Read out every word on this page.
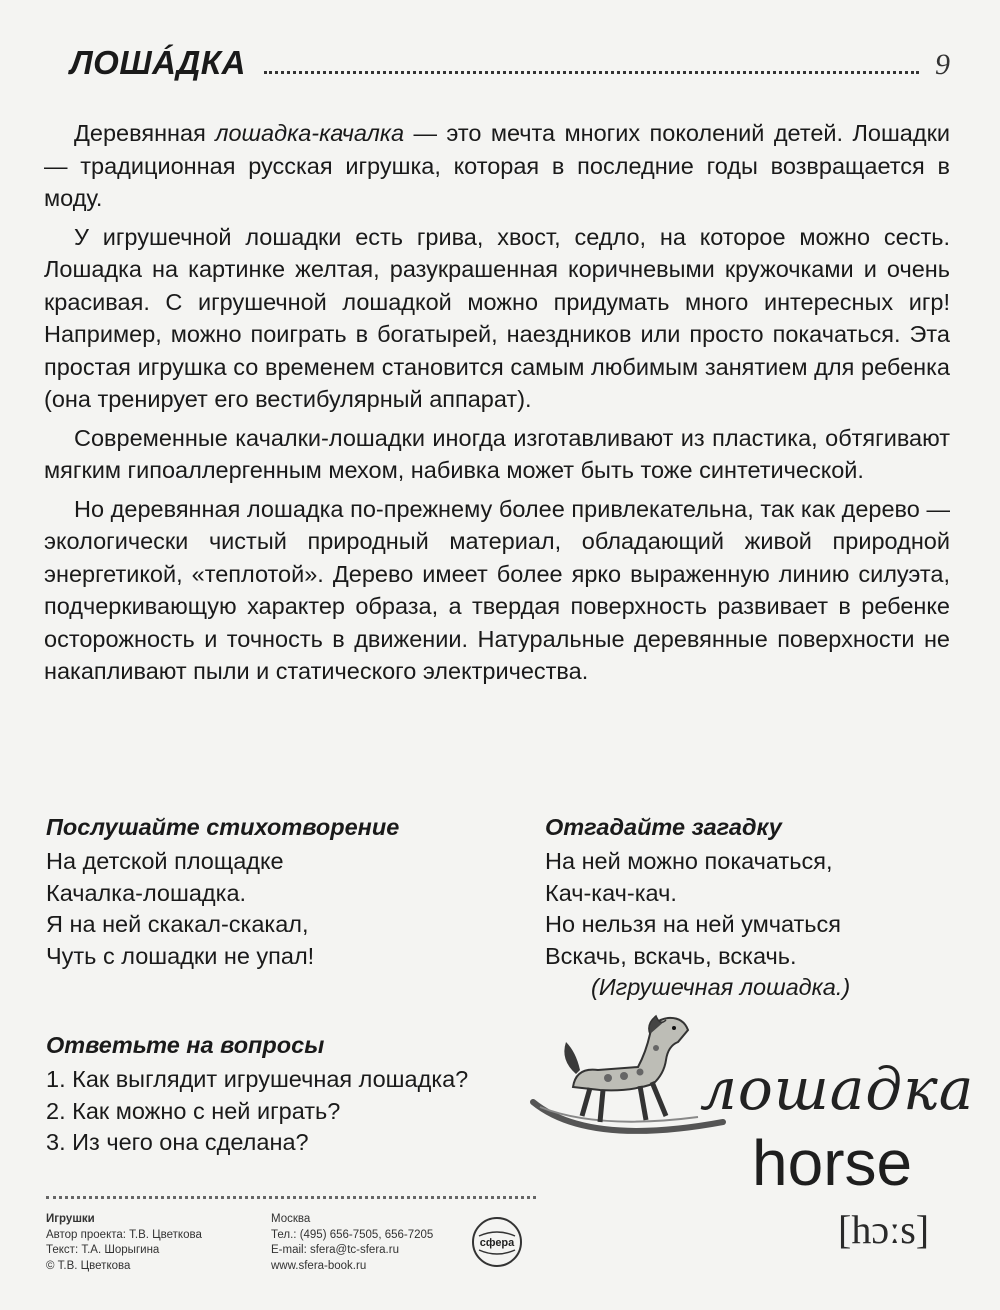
ЛОШÁДКА	9

Деревянная лошадка-качалка — это мечта многих поколений детей. Лошадки — традиционная русская игрушка, которая в последние годы возвращается в моду.

У игрушечной лошадки есть грива, хвост, седло, на которое можно сесть. Лошадка на картинке желтая, разукрашенная коричневыми кружочками и очень красивая. С игрушечной лошадкой можно придумать много интересных игр! Например, можно поиграть в богатырей, наездников или просто покачаться. Эта простая игрушка со временем становится самым любимым занятием для ребенка (она тренирует его вестибулярный аппарат).

Современные качалки-лошадки иногда изготавливают из пластика, обтягивают мягким гипоаллергенным мехом, набивка может быть тоже синтетической.

Но деревянная лошадка по-прежнему более привлекательна, так как дерево — экологически чистый природный материал, обладающий живой природной энергетикой, «теплотой». Дерево имеет более ярко выраженную линию силуэта, подчеркивающую характер образа, а твердая поверхность развивает в ребенке осторожность и точность в движении. Натуральные деревянные поверхности не накапливают пыли и статического электричества.

Послушайте стихотворение
На детской площадке
Качалка-лошадка.
Я на ней скакал-скакал,
Чуть с лошадки не упал!
Отгадайте загадку
На ней можно покачаться,
Кач-кач-кач.
Но нельзя на ней умчаться
Вскачь, вскачь, вскачь.
(Игрушечная лошадка.)
Ответьте на вопросы
1. Как выглядит игрушечная лошадка?
2. Как можно с ней играть?
3. Из чего она сделана?
лошадка
horse
[hɔːs]
Игрушки
Автор проекта: Т.В. Цветкова
Текст: Т.А. Шорыгина
© Т.В. Цветкова
Москва
Тел.: (495) 656-7505, 656-7205
E-mail: sfera@tc-sfera.ru
www.sfera-book.ru
сфера
